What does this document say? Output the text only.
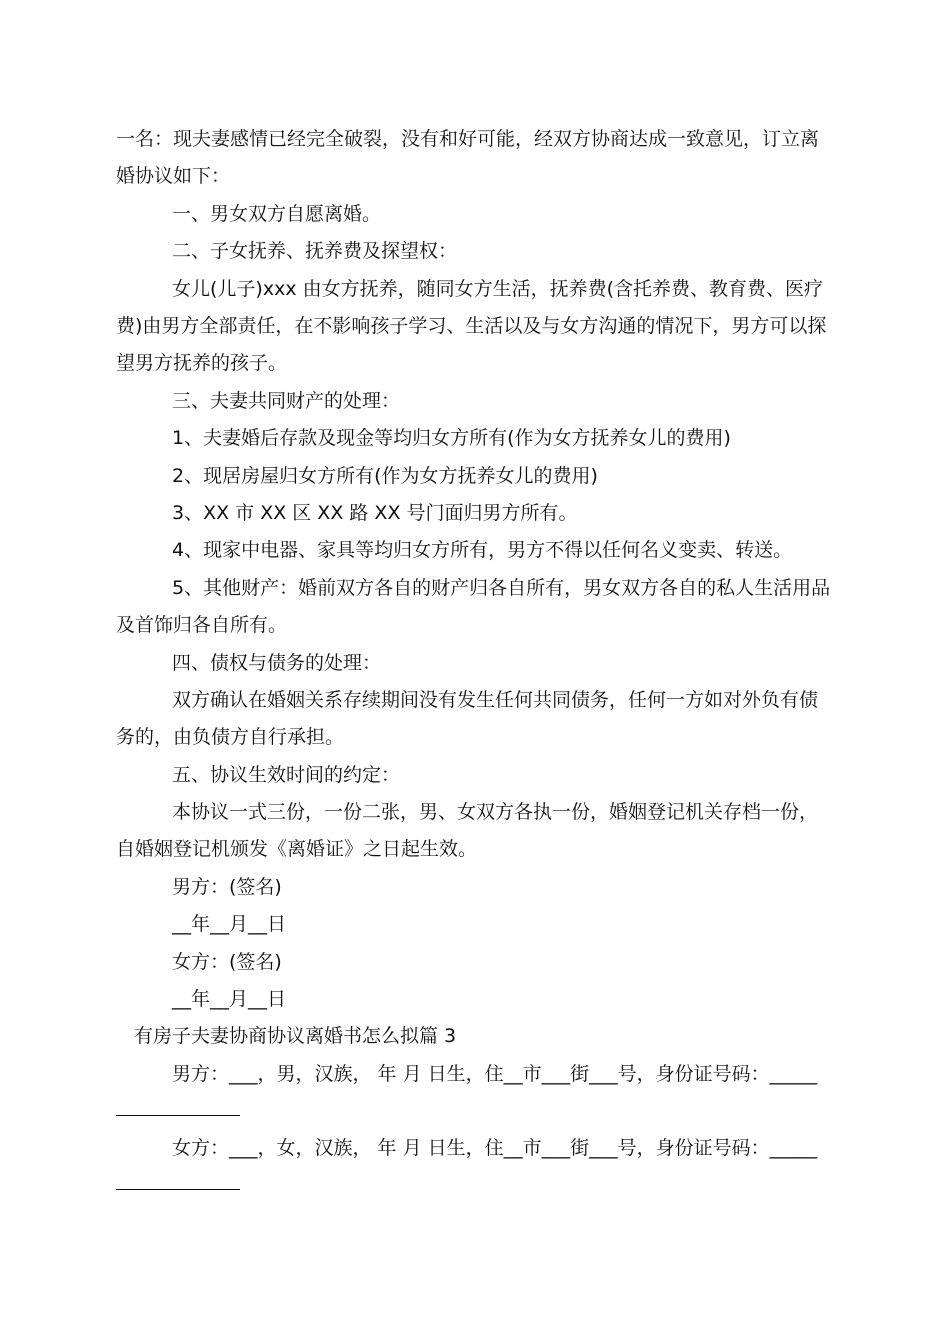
一名：现夫妻感情已经完全破裂，没有和好可能，经双方协商达成一致意见，订立离
婚协议如下：
一、男女双方自愿离婚。
二、子女抚养、抚养费及探望权：
女儿(儿子)xxx 由女方抚养，随同女方生活，抚养费(含托养费、教育费、医疗
费)由男方全部责任，在不影响孩子学习、生活以及与女方沟通的情况下，男方可以探
望男方抚养的孩子。
三、夫妻共同财产的处理：
1、夫妻婚后存款及现金等均归女方所有(作为女方抚养女儿的费用)
2、现居房屋归女方所有(作为女方抚养女儿的费用)
3、XX 市 XX 区 XX 路 XX 号门面归男方所有。
4、现家中电器、家具等均归女方所有，男方不得以任何名义变卖、转送。
5、其他财产：婚前双方各自的财产归各自所有，男女双方各自的私人生活用品
及首饰归各自所有。
四、债权与债务的处理：
双方确认在婚姻关系存续期间没有发生任何共同债务，任何一方如对外负有债
务的，由负债方自行承担。
五、协议生效时间的约定：
本协议一式三份，一份二张，男、女双方各执一份，婚姻登记机关存档一份，
自婚姻登记机颁发《离婚证》之日起生效。
男方：(签名)
__年__月__日
女方：(签名)
__年__月__日
有房子夫妻协商协议离婚书怎么拟篇 3
男方：___，男，汉族， 年 月 日生，住__市___街___号，身份证号码：_____
女方：___，女，汉族， 年 月 日生，住__市___街___号，身份证号码：_____
